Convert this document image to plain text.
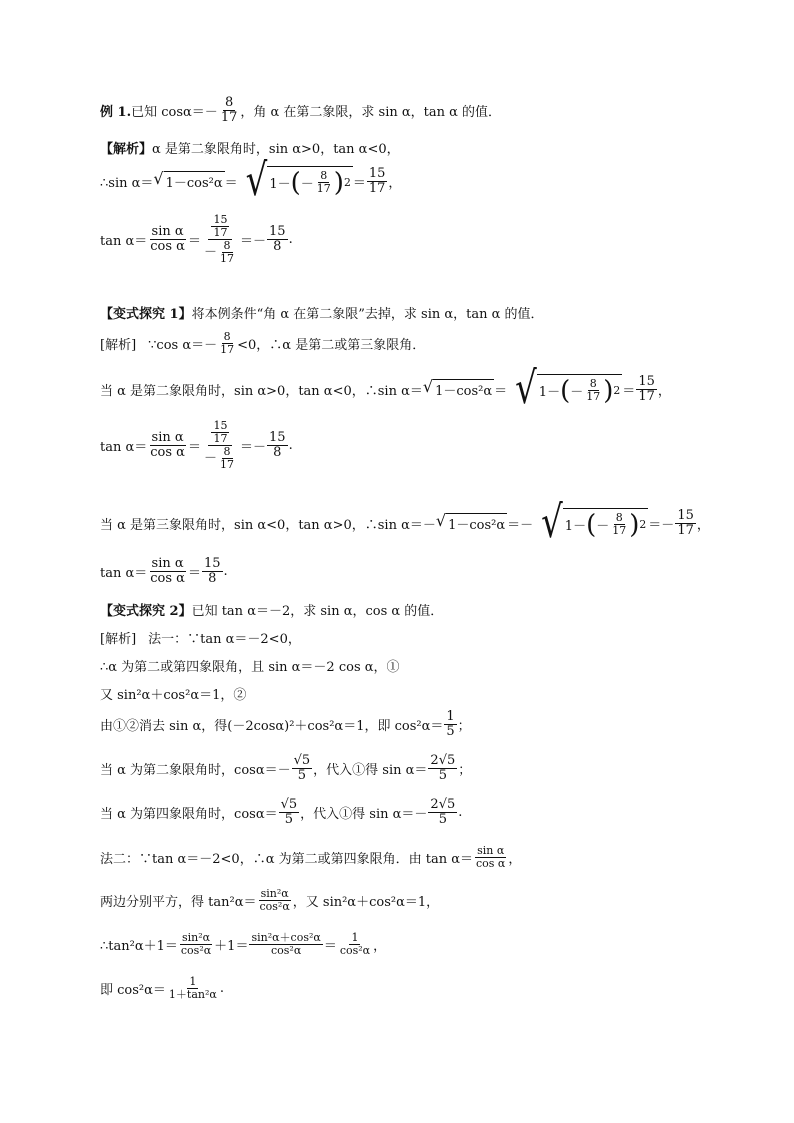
例 1. 已知 $\cos\alpha=- \frac{8}{17}$ ，角 α 在第二象限，求 sin α，tan α 的值．
【解析】 α 是第二象限角时，sin α>0，tan α<0，
∴sin α＝ √ 1－cos²α ＝ √ 1－ ( － $\frac{8}{17}$ ) $2 = \frac{15}{17}$ ，
$\tan \alpha= \frac{\text{sin α}}{\text{cos α}} = \frac{\frac{15}{17}}{- \frac{8}{17}} =- \frac{15}{8}$ .
【变式探究 1】 将本例条件“角 α 在第二象限”去掉，求 sin α，tan α 的值．
[解析] ∵cos $\alpha=- \frac{8}{17} <0$，∴α 是第二或第三象限角．
当 α 是第二象限角时，sin α>0，tan α<0，∴sin α＝ √ 1－cos²α ＝ √ 1－ ( － $\frac{8}{17}$ ) $2 = \frac{15}{17}$ ，
$\tan \alpha= \frac{\text{sin α}}{\text{cos α}} = \frac{\frac{15}{17}}{- \frac{8}{17}} =- \frac{15}{8}$ .
当 α 是第三象限角时，sin α<0，tan α>0，∴sin α＝－ √ 1－cos²α ＝－ √ 1－ ( － $\frac{8}{17}$ ) $2 =- \frac{15}{17}$ ，
$\tan \alpha= \frac{\text{sin α}}{\text{cos α}} = \frac{15}{8}$ .
【变式探究 2】 已知 tan α＝－2，求 sin α，cos α 的值．
[解析] 法一：∵tan α＝－2<0，
∴α 为第二或第四象限角，且 sin α＝－2 cos α，①
又 sin²α＋cos²α＝1，②
由①②消去 sin α，得(－2cosα)²＋cos²α＝1，即 $\cos^2\alpha= \frac{1}{5}$ ；
当 α 为第二象限角时，$\cos\alpha=- \frac{√5}{5}$ ，代入①得 $\sin \alpha= \frac{2√5}{5}$ ；
当 α 为第四象限角时，$\cos\alpha= \frac{√5}{5}$ ，代入①得 $\sin \alpha=- \frac{2√5}{5}$ .
法二：∵tan α＝－2<0，∴α 为第二或第四象限角．由 $\tan \alpha= \frac{\text{sin α}}{\text{cos α}}$ ，
两边分别平方，得 $\tan^2\alpha= \frac{\text{sin²α}}{\text{cos²α}}$ ，又 sin²α＋cos²α＝1，
∴tan²α＋1＝ $\frac{\text{sin²α}}{\text{cos²α}} +1= \frac{\text{sin²α＋cos²α}}{\text{cos²α}} = \frac{1}{\text{cos²α}}$ ，
即 $\cos^2\alpha= \frac{1}{\text{1＋tan²α}}$ .
